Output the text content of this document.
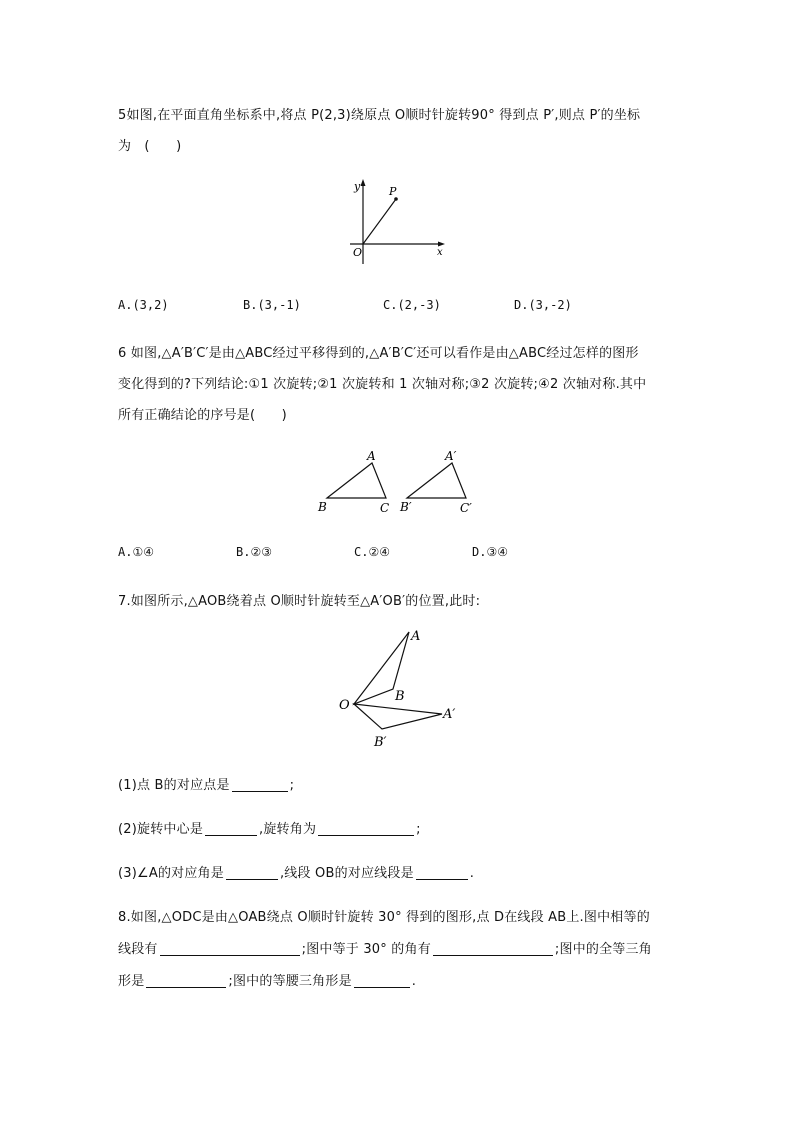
5如图,在平面直角坐标系中,将点 P(2,3)绕原点 O顺时针旋转90° 得到点 P′,则点 P′的坐标
为　(　　)
y	P
O	x
A.(3,2)	B.(3,-1)	C.(2,-3)	D.(3,-2)
6 如图,△A′B′C′是由△ABC经过平移得到的,△A′B′C′还可以看作是由△ABC经过怎样的图形
变化得到的?下列结论:①1 次旋转;②1 次旋转和 1 次轴对称;③2 次旋转;④2 次轴对称.其中
所有正确结论的序号是(　　)
A
B	C
A′
B′	C′
A.①④	B.②③	C.②④	D.③④
7.如图所示,△AOB绕着点 O顺时针旋转至△A′OB′的位置,此时:
A
B
O
A′
B′
(1)点 B的对应点是	;
(2)旋转中心是	,旋转角为	;
(3)∠A的对应角是	,线段 OB的对应线段是	.
8.如图,△ODC是由△OAB绕点 O顺时针旋转 30° 得到的图形,点 D在线段 AB上.图中相等的
线段有	;图中等于 30° 的角有	;图中的全等三角
形是	;图中的等腰三角形是	.
